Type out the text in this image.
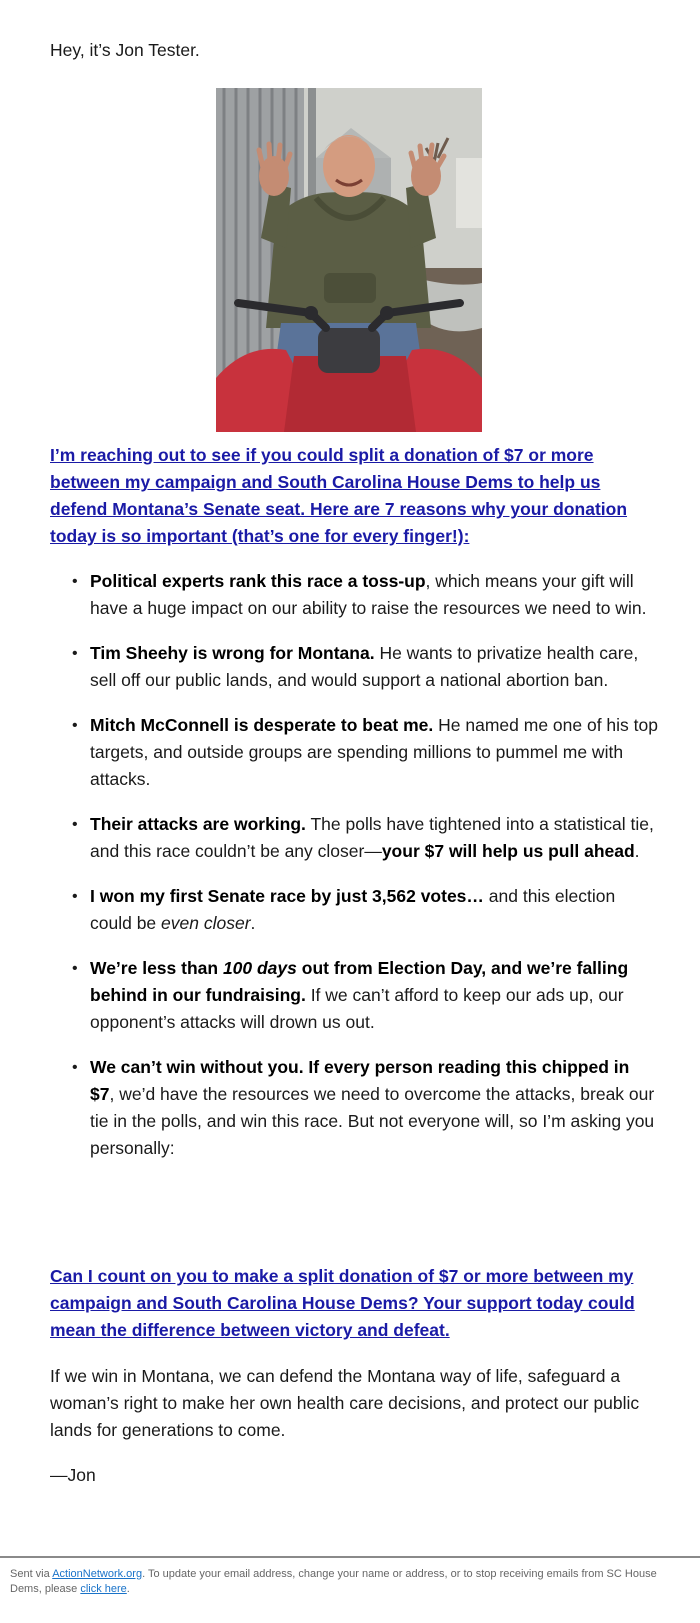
Hey, it’s Jon Tester.

I’m reaching out to see if you could split a donation of $7 or more between my campaign and South Carolina House Dems to help us defend Montana’s Senate seat. Here are 7 reasons why your donation today is so important (that’s one for every finger!):

• Political experts rank this race a toss-up, which means your gift will have a huge impact on our ability to raise the resources we need to win.
• Tim Sheehy is wrong for Montana. He wants to privatize health care, sell off our public lands, and would support a national abortion ban.
• Mitch McConnell is desperate to beat me. He named me one of his top targets, and outside groups are spending millions to pummel me with attacks.
• Their attacks are working. The polls have tightened into a statistical tie, and this race couldn’t be any closer—your $7 will help us pull ahead.
• I won my first Senate race by just 3,562 votes… and this election could be even closer.
• We’re less than 100 days out from Election Day, and we’re falling behind in our fundraising. If we can’t afford to keep our ads up, our opponent’s attacks will drown us out.
• We can’t win without you. If every person reading this chipped in $7, we’d have the resources we need to overcome the attacks, break our tie in the polls, and win this race. But not everyone will, so I’m asking you personally:

Can I count on you to make a split donation of $7 or more between my campaign and South Carolina House Dems? Your support today could mean the difference between victory and defeat.

If we win in Montana, we can defend the Montana way of life, safeguard a woman’s right to make her own health care decisions, and protect our public lands for generations to come.

—Jon

Sent via ActionNetwork.org. To update your email address, change your name or address, or to stop receiving emails from SC House Dems, please click here.
